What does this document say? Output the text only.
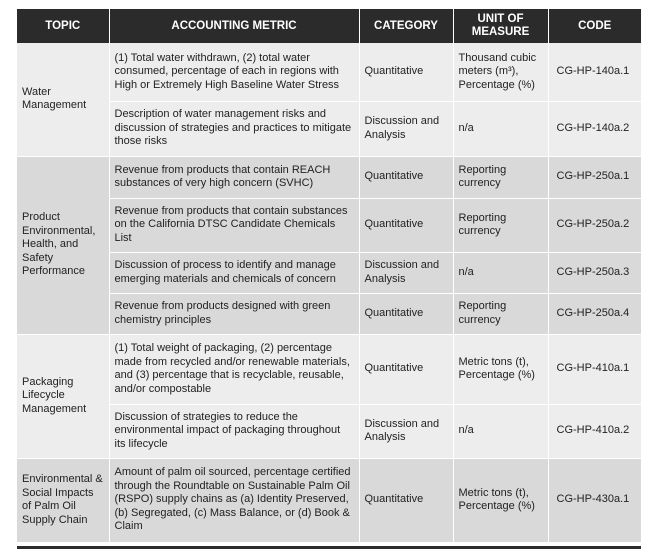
TOPIC	ACCOUNTING METRIC	CATEGORY	UNIT OF MEASURE	CODE
Water Management	(1) Total water withdrawn, (2) total water consumed, percentage of each in regions with High or Extremely High Baseline Water Stress	Quantitative	Thousand cubic meters (m³), Percentage (%)	CG-HP-140a.1
	Description of water management risks and discussion of strategies and practices to mitigate those risks	Discussion and Analysis	n/a	CG-HP-140a.2
Product Environmental, Health, and Safety Performance	Revenue from products that contain REACH substances of very high concern (SVHC)	Quantitative	Reporting currency	CG-HP-250a.1
	Revenue from products that contain substances on the California DTSC Candidate Chemicals List	Quantitative	Reporting currency	CG-HP-250a.2
	Discussion of process to identify and manage emerging materials and chemicals of concern	Discussion and Analysis	n/a	CG-HP-250a.3
	Revenue from products designed with green chemistry principles	Quantitative	Reporting currency	CG-HP-250a.4
Packaging Lifecycle Management	(1) Total weight of packaging, (2) percentage made from recycled and/or renewable materials, and (3) percentage that is recyclable, reusable, and/or compostable	Quantitative	Metric tons (t), Percentage (%)	CG-HP-410a.1
	Discussion of strategies to reduce the environmental impact of packaging throughout its lifecycle	Discussion and Analysis	n/a	CG-HP-410a.2
Environmental & Social Impacts of Palm Oil Supply Chain	Amount of palm oil sourced, percentage certified through the Roundtable on Sustainable Palm Oil (RSPO) supply chains as (a) Identity Preserved, (b) Segregated, (c) Mass Balance, or (d) Book & Claim	Quantitative	Metric tons (t), Percentage (%)	CG-HP-430a.1
